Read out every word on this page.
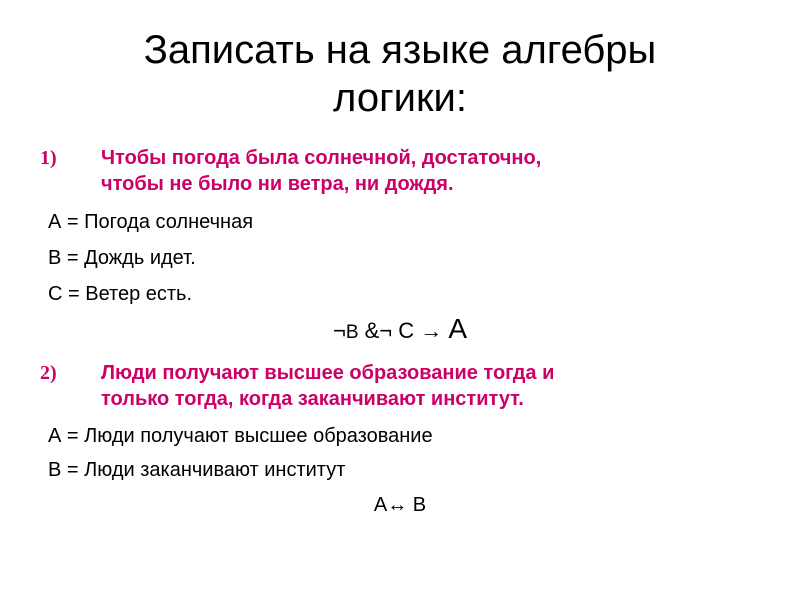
Записать на языке алгебры
логики:
1) Чтобы погода была солнечной, достаточно,
чтобы не было ни ветра, ни дождя.
А = Погода солнечная
В = Дождь идет.
С = Ветер есть.
¬В &¬ С → А
2) Люди получают высшее образование тогда и
только тогда, когда заканчивают институт.
А = Люди получают высшее образование
В = Люди заканчивают институт
А↔ В
